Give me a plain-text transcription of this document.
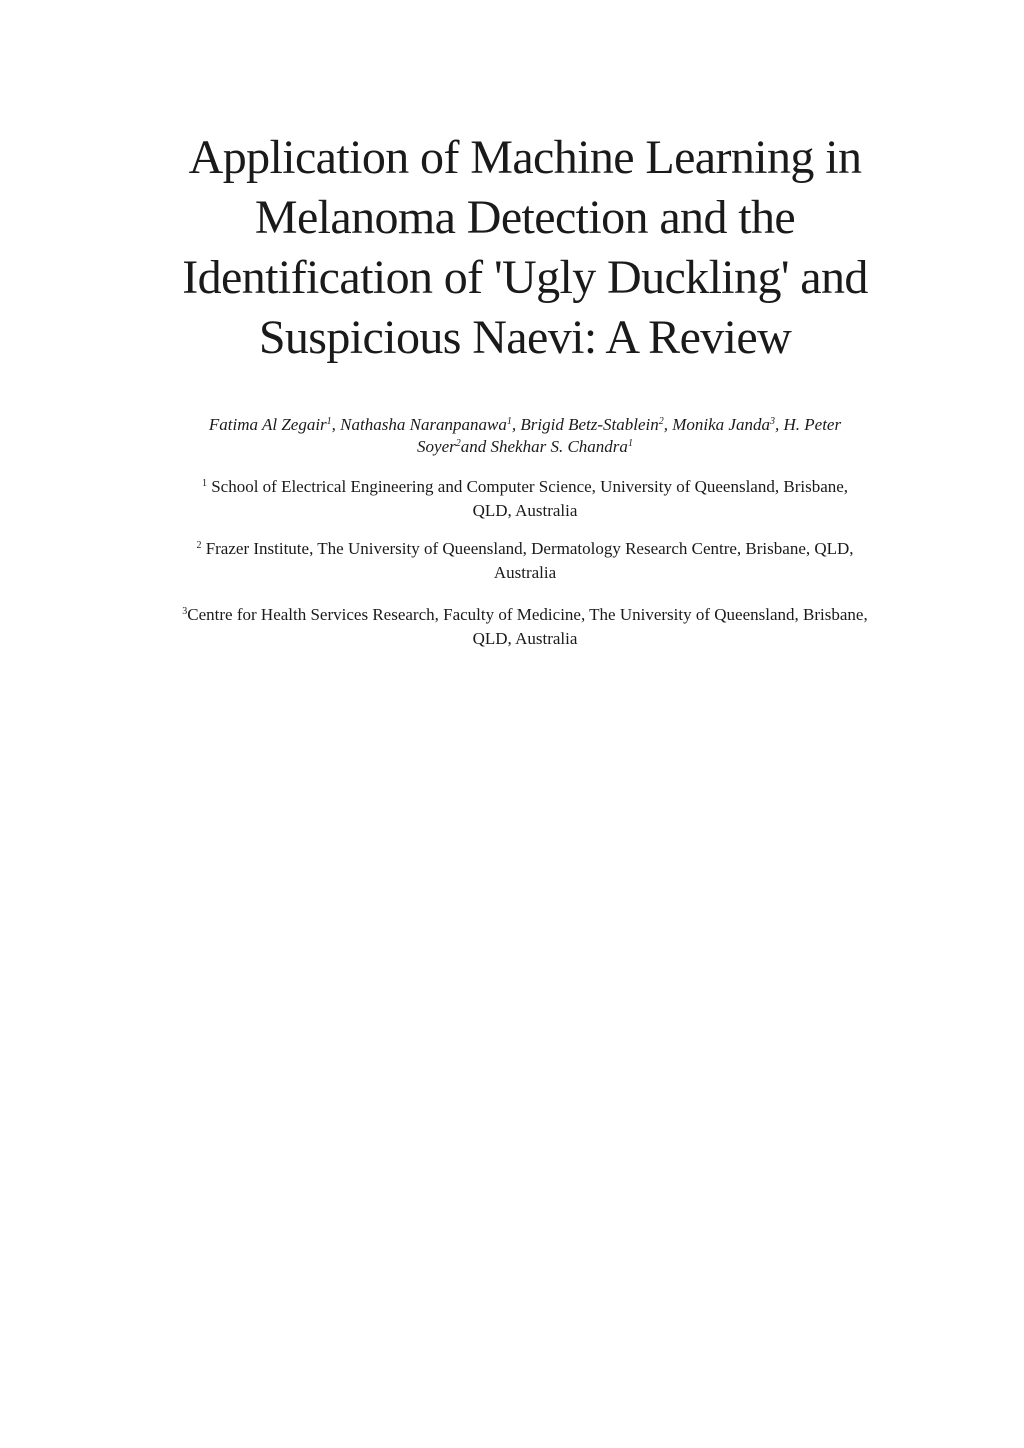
Application of Machine Learning in
Melanoma Detection and the
Identification of 'Ugly Duckling' and
Suspicious Naevi: A Review
Fatima Al Zegair$^1$, Nathasha Naranpanawa$^1$, Brigid Betz-Stablein$^2$, Monika Janda$^3$, H. Peter
Soyer$^2$and Shekhar S. Chandra$^1$
$^1$ School of Electrical Engineering and Computer Science, University of Queensland, Brisbane,
QLD, Australia
$^2$ Frazer Institute, The University of Queensland, Dermatology Research Centre, Brisbane, QLD,
Australia
$^3$Centre for Health Services Research, Faculty of Medicine, The University of Queensland, Brisbane,
QLD, Australia
